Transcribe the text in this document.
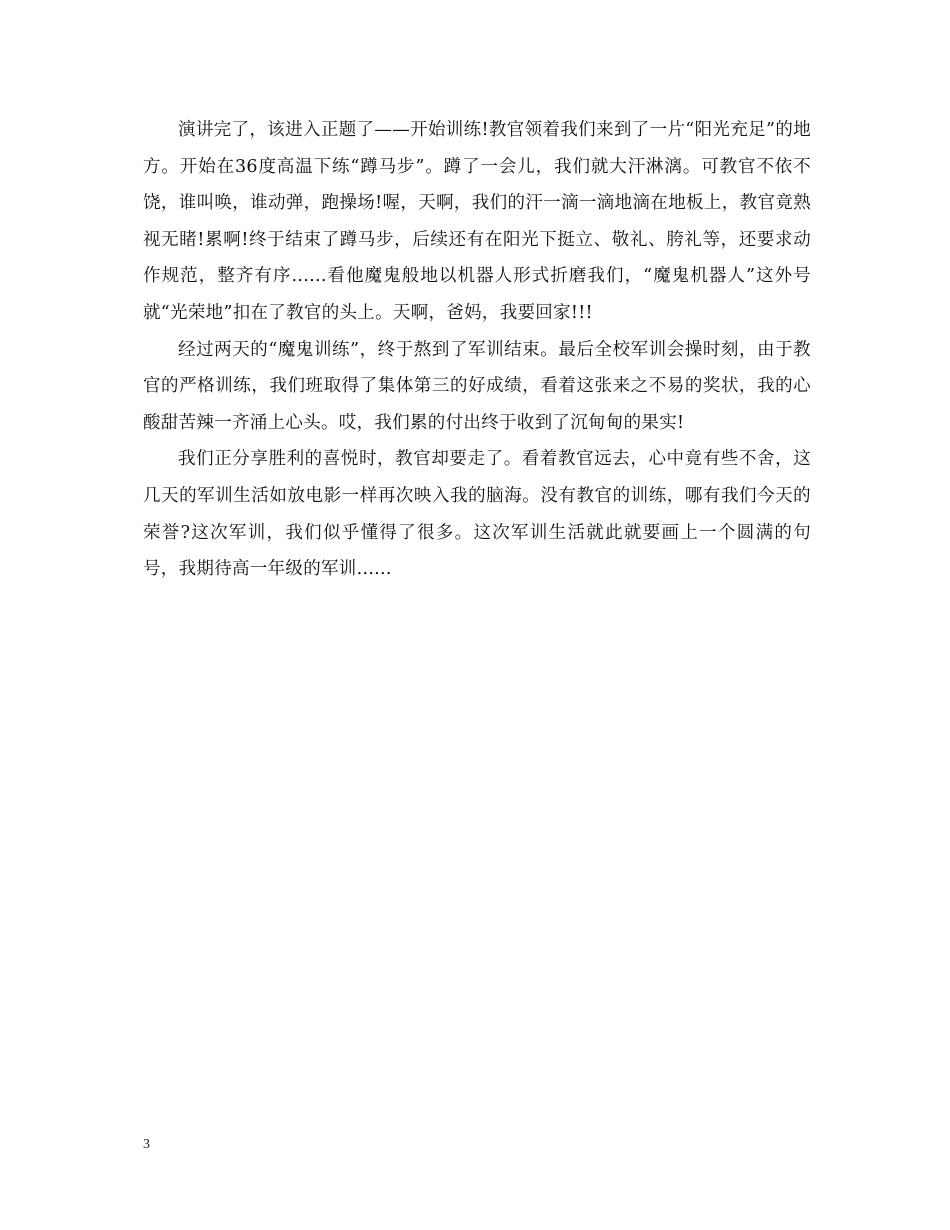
演讲完了，该进入正题了——开始训练!教官领着我们来到了一片“阳光充足”的地方。开始在36度高温下练“蹲马步”。蹲了一会儿，我们就大汗淋漓。可教官不依不饶，谁叫唤，谁动弹，跑操场!喔，天啊，我们的汗一滴一滴地滴在地板上，教官竟熟视无睹!累啊!终于结束了蹲马步，后续还有在阳光下挺立、敬礼、胯礼等，还要求动作规范，整齐有序......看他魔鬼般地以机器人形式折磨我们，“魔鬼机器人”这外号就“光荣地”扣在了教官的头上。天啊，爸妈，我要回家!!!

经过两天的“魔鬼训练”，终于熬到了军训结束。最后全校军训会操时刻，由于教官的严格训练，我们班取得了集体第三的好成绩，看着这张来之不易的奖状，我的心酸甜苦辣一齐涌上心头。哎，我们累的付出终于收到了沉甸甸的果实!

我们正分享胜利的喜悦时，教官却要走了。看着教官远去，心中竟有些不舍，这几天的军训生活如放电影一样再次映入我的脑海。没有教官的训练，哪有我们今天的荣誉?这次军训，我们似乎懂得了很多。这次军训生活就此就要画上一个圆满的句号，我期待高一年级的军训......

3
